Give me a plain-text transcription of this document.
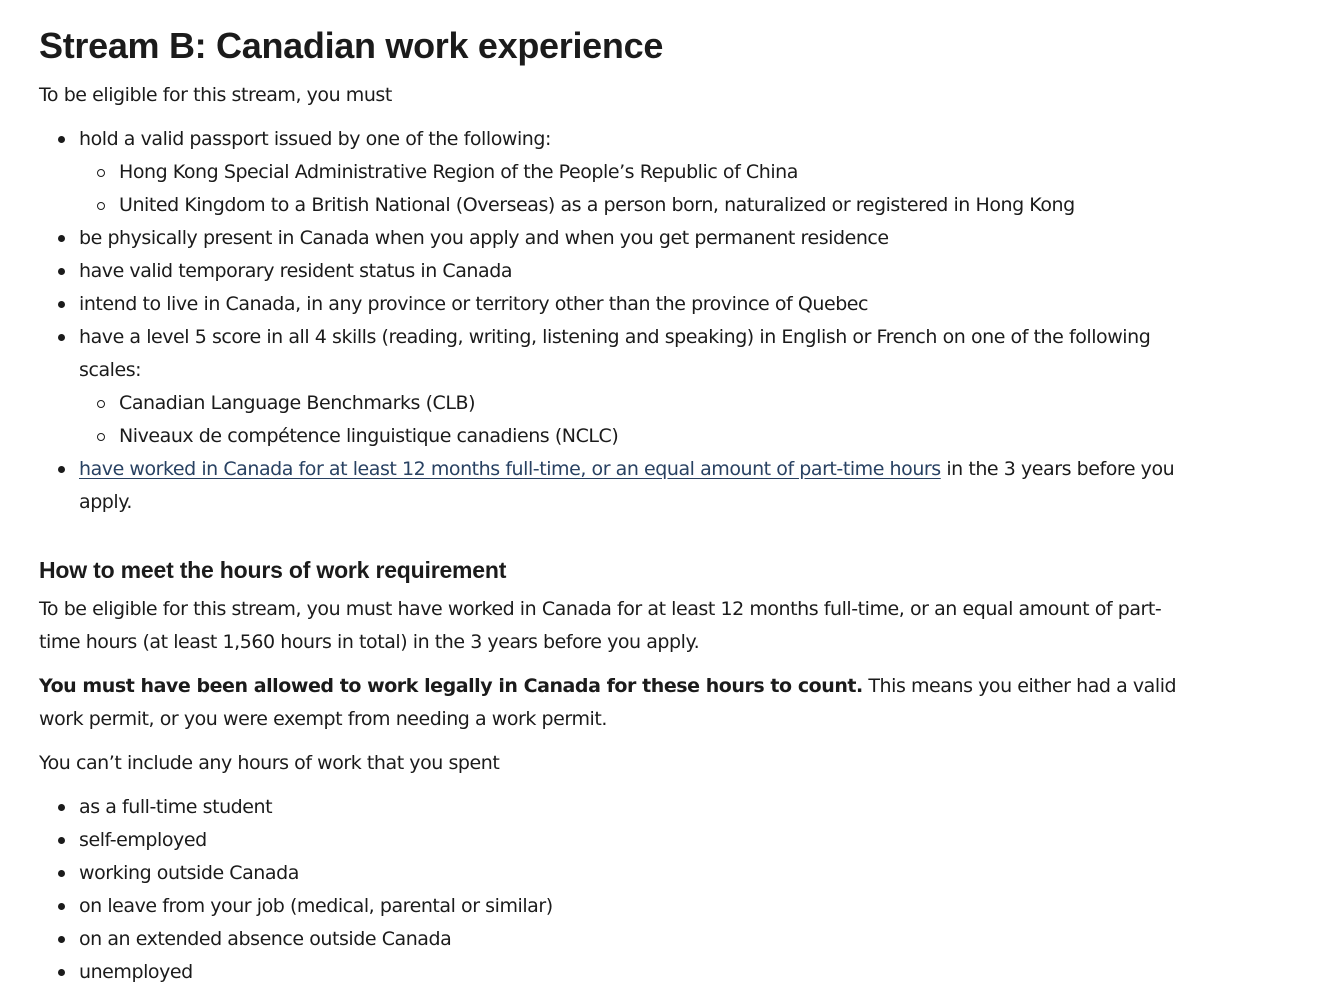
Stream B: Canadian work experience

To be eligible for this stream, you must

hold a valid passport issued by one of the following:
Hong Kong Special Administrative Region of the People’s Republic of China
United Kingdom to a British National (Overseas) as a person born, naturalized or registered in Hong Kong
be physically present in Canada when you apply and when you get permanent residence
have valid temporary resident status in Canada
intend to live in Canada, in any province or territory other than the province of Quebec
have a level 5 score in all 4 skills (reading, writing, listening and speaking) in English or French on one of the following scales:
Canadian Language Benchmarks (CLB)
Niveaux de compétence linguistique canadiens (NCLC)
have worked in Canada for at least 12 months full-time, or an equal amount of part-time hours in the 3 years before you apply.
How to meet the hours of work requirement

To be eligible for this stream, you must have worked in Canada for at least 12 months full-time, or an equal amount of part-time hours (at least 1,560 hours in total) in the 3 years before you apply.

You must have been allowed to work legally in Canada for these hours to count. This means you either had a valid work permit, or you were exempt from needing a work permit.

You can’t include any hours of work that you spent

as a full-time student
self-employed
working outside Canada
on leave from your job (medical, parental or similar)
on an extended absence outside Canada
unemployed
